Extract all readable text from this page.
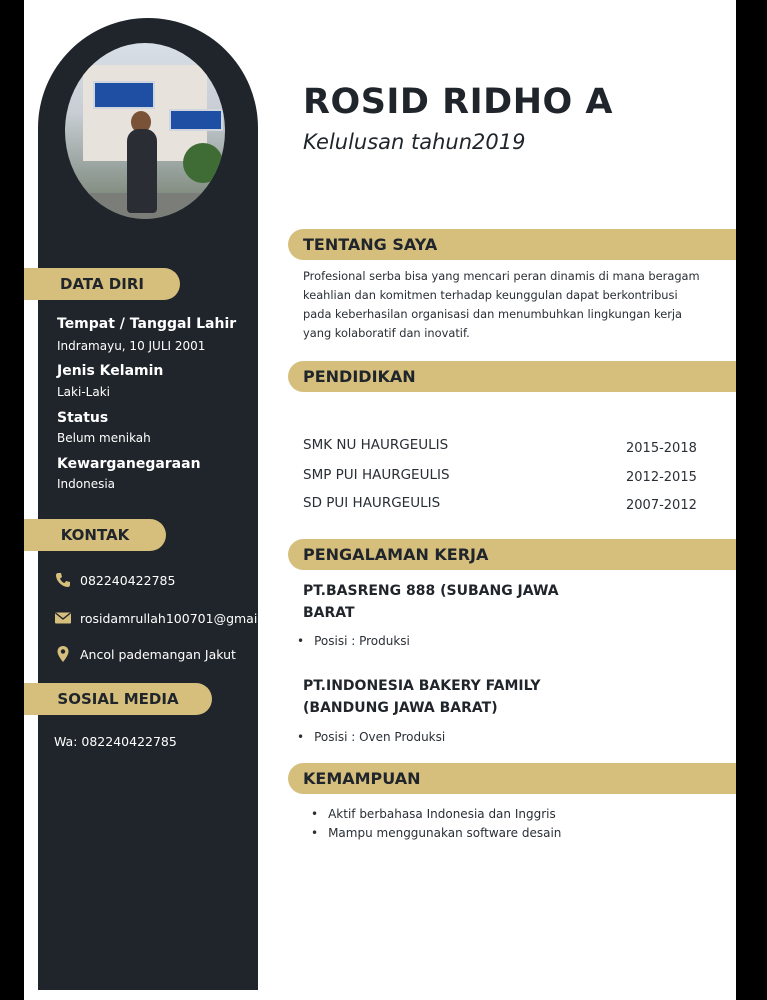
DATA DIRI
Tempat / Tanggal Lahir
Indramayu, 10 JULI 2001
Jenis Kelamin
Laki-Laki
Status
Belum menikah
Kewarganegaraan
Indonesia
KONTAK
082240422785
rosidamrullah100701@gmail.c
Ancol pademangan Jakut
SOSIAL MEDIA
Wa: 082240422785
ROSID RIDHO A
Kelulusan tahun2019
TENTANG SAYA
Profesional serba bisa yang mencari peran dinamis di mana beragam keahlian dan komitmen terhadap keunggulan dapat berkontribusi pada keberhasilan organisasi dan menumbuhkan lingkungan kerja yang kolaboratif dan inovatif.
PENDIDIKAN
SMK NU HAURGEULIS	2015-2018
SMP PUI HAURGEULIS	2012-2015
SD PUI HAURGEULIS	2007-2012
PENGALAMAN KERJA
PT.BASRENG 888 (SUBANG JAWA BARAT
• Posisi : Produksi
PT.INDONESIA BAKERY FAMILY (BANDUNG JAWA BARAT)
• Posisi : Oven Produksi
KEMAMPUAN
• Aktif berbahasa Indonesia dan Inggris
• Mampu menggunakan software desain
